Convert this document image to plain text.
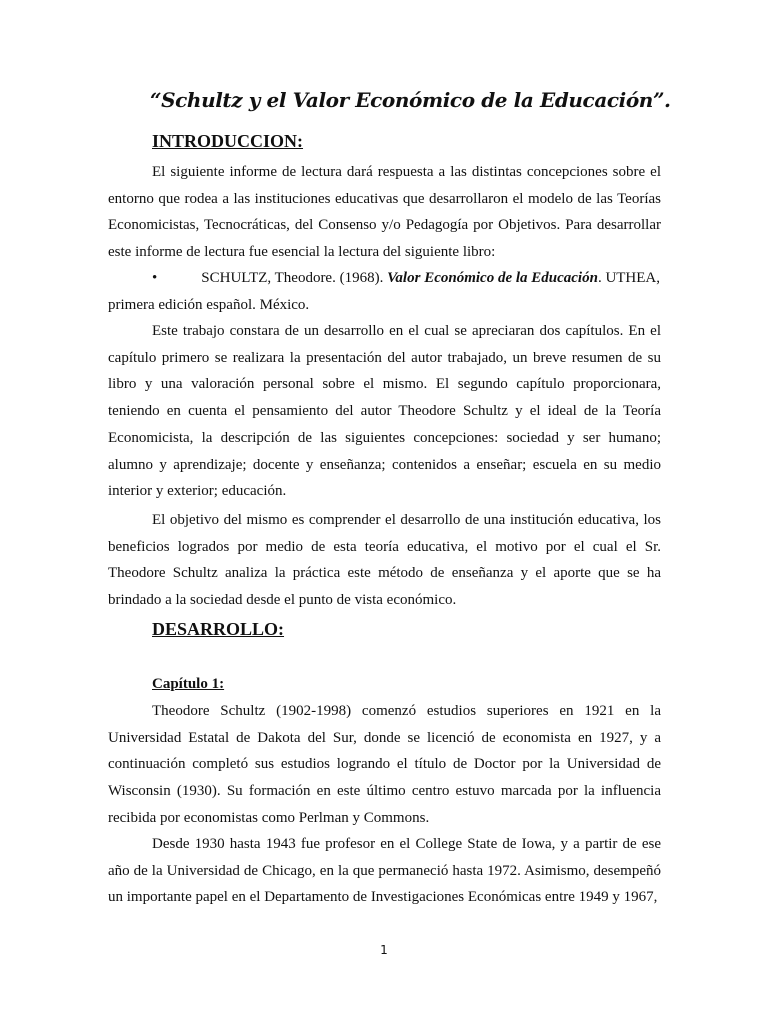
“Schultz y el Valor Económico de la Educación”.
INTRODUCCION:

El siguiente informe de lectura dará respuesta a las distintas concepciones sobre el entorno que rodea a las instituciones educativas que desarrollaron el modelo de las Teorías Economicistas, Tecnocráticas, del Consenso y/o Pedagogía por Objetivos. Para desarrollar este informe de lectura fue esencial la lectura del siguiente libro:

•	SCHULTZ, Theodore. (1968). Valor Económico de la Educación. UTHEA, primera edición español. México.

Este trabajo constara de un desarrollo en el cual se apreciaran dos capítulos. En el capítulo primero se realizara la presentación del autor trabajado, un breve resumen de su libro y una valoración personal sobre el mismo. El segundo capítulo proporcionara, teniendo en cuenta el pensamiento del autor Theodore Schultz y el ideal de la Teoría Economicista, la descripción de las siguientes concepciones: sociedad y ser humano; alumno y aprendizaje; docente y enseñanza; contenidos a enseñar; escuela en su medio interior y exterior; educación.

El objetivo del mismo es comprender el desarrollo de una institución educativa, los beneficios logrados por medio de esta teoría educativa, el motivo por el cual el Sr. Theodore Schultz analiza la práctica este método de enseñanza y el aporte que se ha brindado a la sociedad desde el punto de vista económico.

DESARROLLO:
Capítulo 1:

Theodore Schultz (1902-1998) comenzó estudios superiores en 1921 en la Universidad Estatal de Dakota del Sur, donde se licenció de economista en 1927, y a continuación completó sus estudios logrando el título de Doctor por la Universidad de Wisconsin (1930). Su formación en este último centro estuvo marcada por la influencia recibida por economistas como Perlman y Commons.

Desde 1930 hasta 1943 fue profesor en el College State de Iowa, y a partir de ese año de la Universidad de Chicago, en la que permaneció hasta 1972. Asimismo, desempeñó un importante papel en el Departamento de Investigaciones Económicas entre 1949 y 1967,

1
